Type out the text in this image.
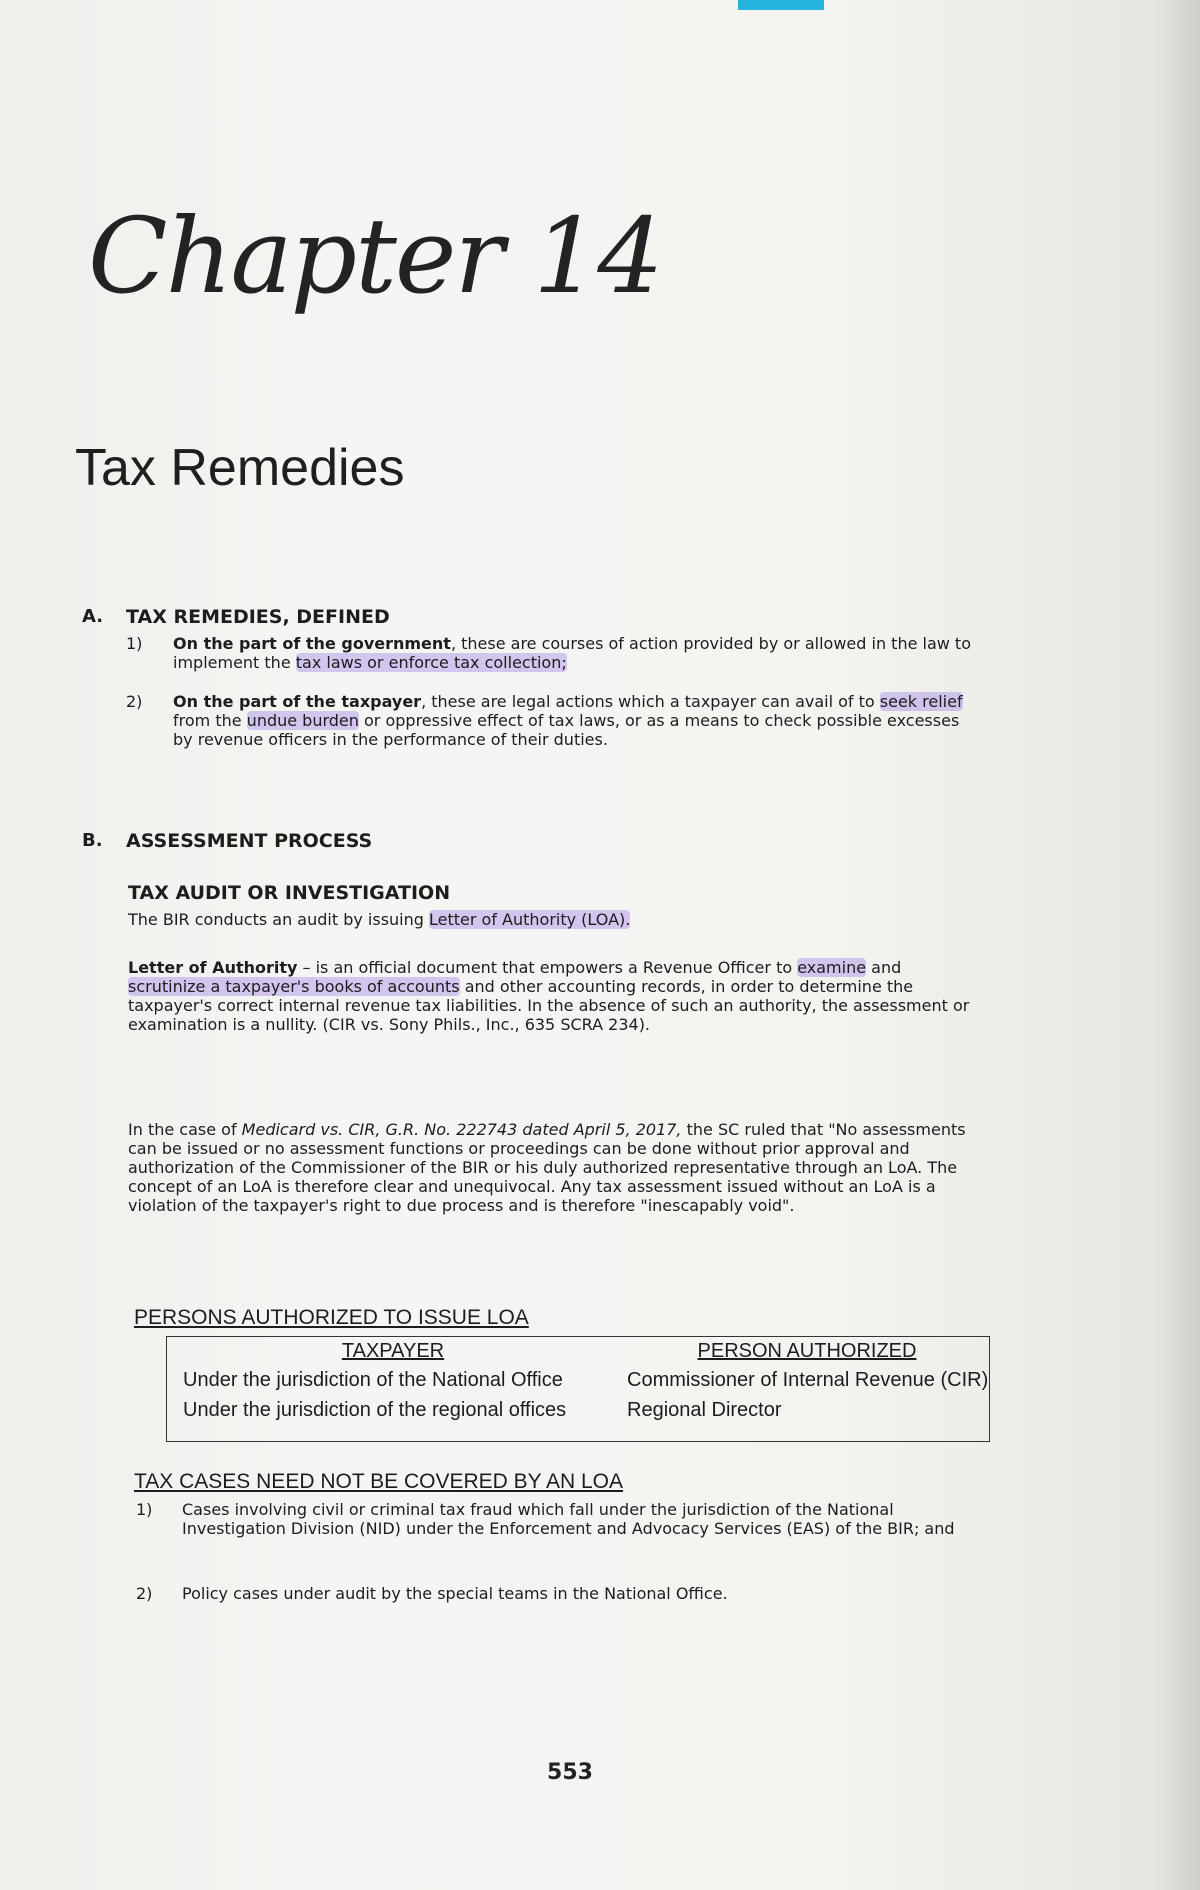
Chapter 14
Tax Remedies
A. TAX REMEDIES, DEFINED
1) On the part of the government, these are courses of action provided by or allowed in the law to implement the tax laws or enforce tax collection;
2) On the part of the taxpayer, these are legal actions which a taxpayer can avail of to seek relief from the undue burden or oppressive effect of tax laws, or as a means to check possible excesses by revenue officers in the performance of their duties.
B. ASSESSMENT PROCESS
TAX AUDIT OR INVESTIGATION
The BIR conducts an audit by issuing Letter of Authority (LOA).
Letter of Authority – is an official document that empowers a Revenue Officer to examine and scrutinize a taxpayer's books of accounts and other accounting records, in order to determine the taxpayer's correct internal revenue tax liabilities. In the absence of such an authority, the assessment or examination is a nullity. (CIR vs. Sony Phils., Inc., 635 SCRA 234).
In the case of Medicard vs. CIR, G.R. No. 222743 dated April 5, 2017, the SC ruled that "No assessments can be issued or no assessment functions or proceedings can be done without prior approval and authorization of the Commissioner of the BIR or his duly authorized representative through an LoA. The concept of an LoA is therefore clear and unequivocal. Any tax assessment issued without an LoA is a violation of the taxpayer's right to due process and is therefore "inescapably void".
PERSONS AUTHORIZED TO ISSUE LOA
TAXPAYER
Under the jurisdiction of the National Office
Under the jurisdiction of the regional offices
PERSON AUTHORIZED
Commissioner of Internal Revenue (CIR)
Regional Director
TAX CASES NEED NOT BE COVERED BY AN LOA
1) Cases involving civil or criminal tax fraud which fall under the jurisdiction of the National Investigation Division (NID) under the Enforcement and Advocacy Services (EAS) of the BIR; and
2) Policy cases under audit by the special teams in the National Office.
553
